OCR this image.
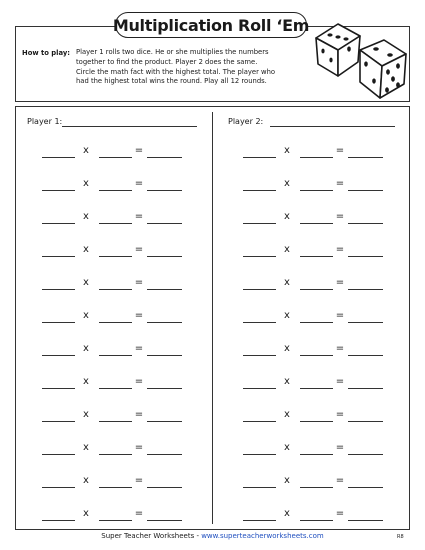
Multiplication Roll ‘Em
How to play: Player 1 rolls two dice. He or she multiplies the numbers
together to find the product. Player 2 does the same.
Circle the math fact with the highest total. The player who
had the highest total wins the round. Play all 12 rounds.
Player 1:	Player 2:
x	=
x	=
x	=
x	=
x	=
x	=
x	=
x	=
x	=
x	=
x	=
x	=
x	=
x	=
x	=
x	=
x	=
x	=
x	=
x	=
x	=
x	=
x	=
x	=
Super Teacher Worksheets - www.superteacherworksheets.com	R8
